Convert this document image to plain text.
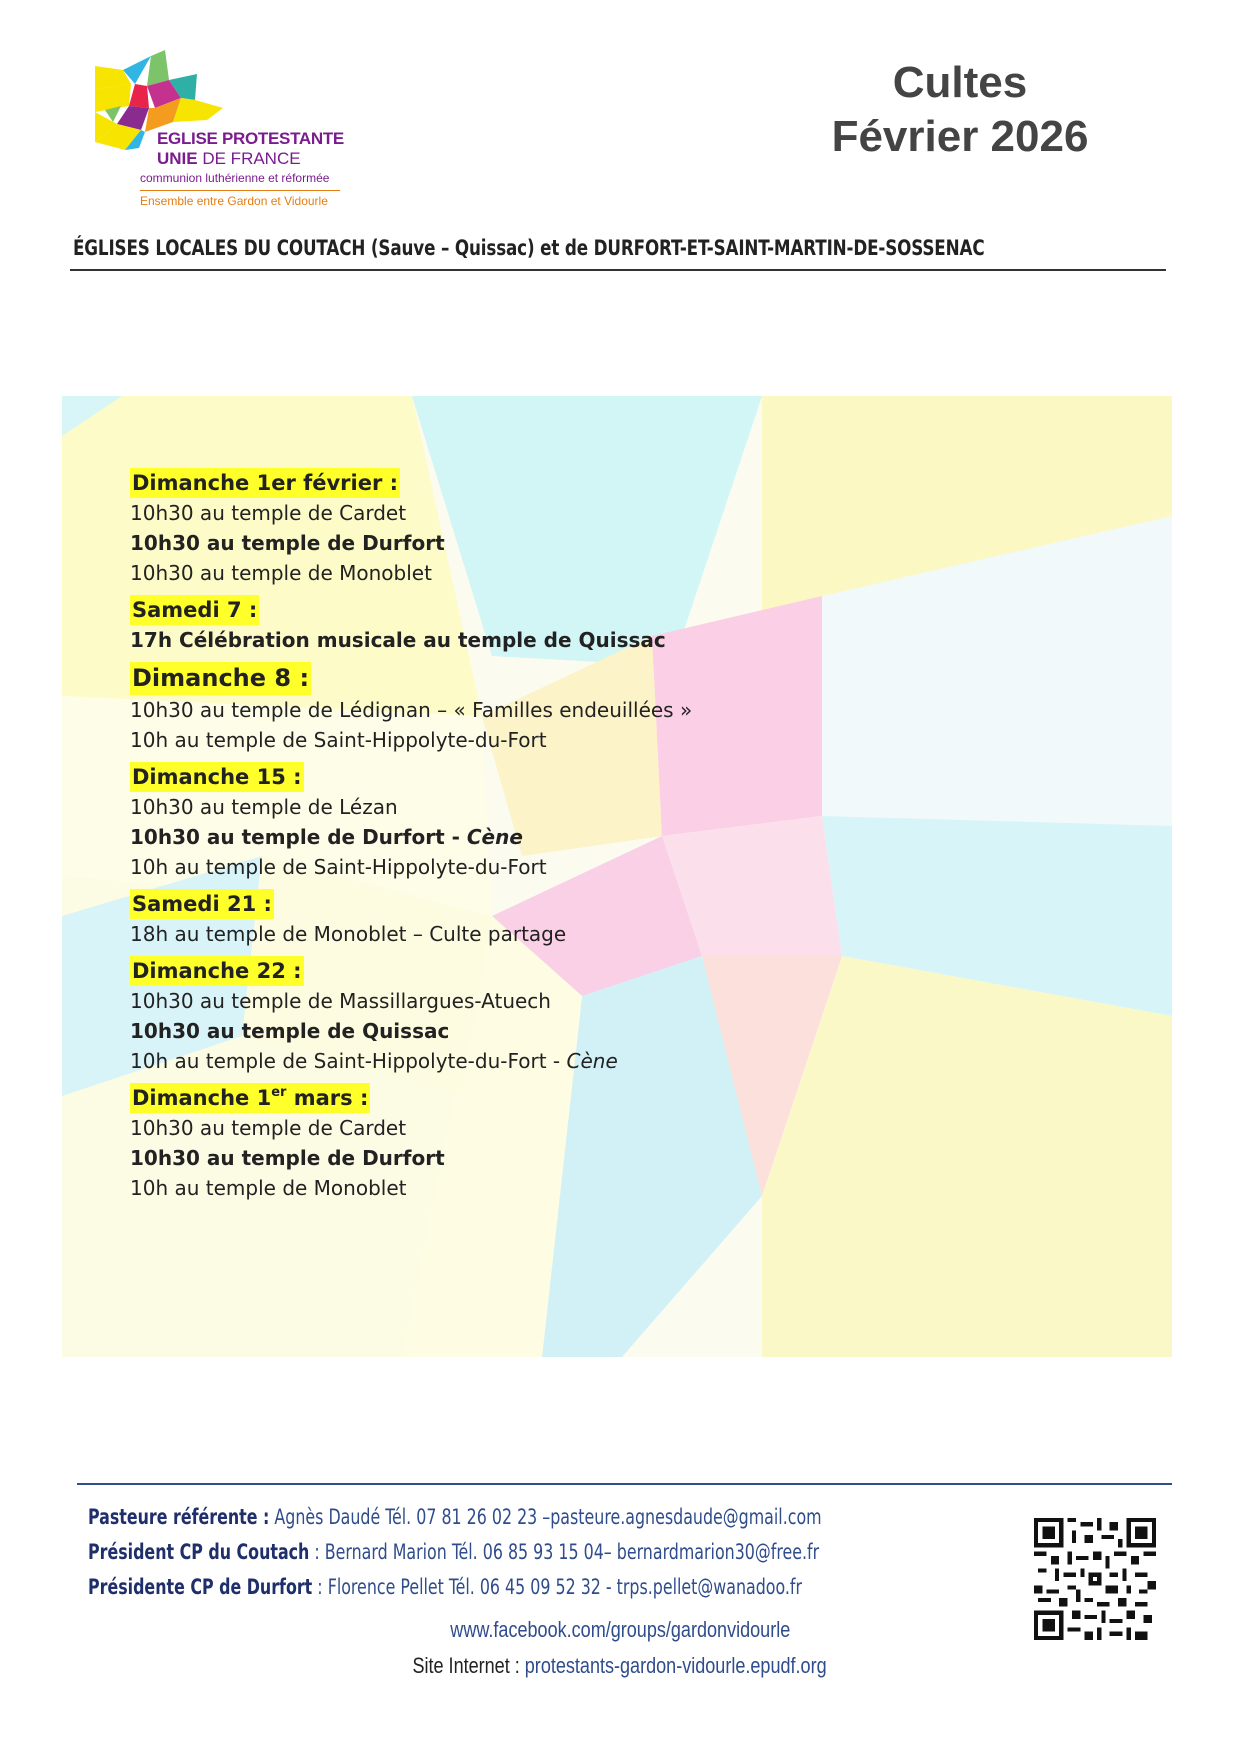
EGLISE PROTESTANTE
UNIE DE FRANCE
communion luthérienne et réformée
Ensemble entre Gardon et Vidourle
Cultes
Février 2026
ÉGLISES LOCALES DU COUTACH (Sauve – Quissac) et de DURFORT-ET-SAINT-MARTIN-DE-SOSSENAC
Dimanche 1er février :
10h30 au temple de Cardet
10h30 au temple de Durfort
10h30 au temple de Monoblet
Samedi 7 :
17h Célébration musicale au temple de Quissac
Dimanche 8 :
10h30 au temple de Lédignan – « Familles endeuillées »
10h au temple de Saint-Hippolyte-du-Fort
Dimanche 15 :
10h30 au temple de Lézan
10h30 au temple de Durfort - Cène
10h au temple de Saint-Hippolyte-du-Fort
Samedi 21 :
18h au temple de Monoblet – Culte partage
Dimanche 22 :
10h30 au temple de Massillargues-Atuech
10h30 au temple de Quissac
10h au temple de Saint-Hippolyte-du-Fort - Cène
Dimanche 1er mars :
10h30 au temple de Cardet
10h30 au temple de Durfort
10h au temple de Monoblet
Pasteure référente : Agnès Daudé Tél. 07 81 26 02 23 –pasteure.agnesdaude@gmail.com
Président CP du Coutach : Bernard Marion Tél. 06 85 93 15 04– bernardmarion30@free.fr
Présidente CP de Durfort : Florence Pellet Tél. 06 45 09 52 32 - trps.pellet@wanadoo.fr
www.facebook.com/groups/gardonvidourle
Site Internet : protestants-gardon-vidourle.epudf.org
